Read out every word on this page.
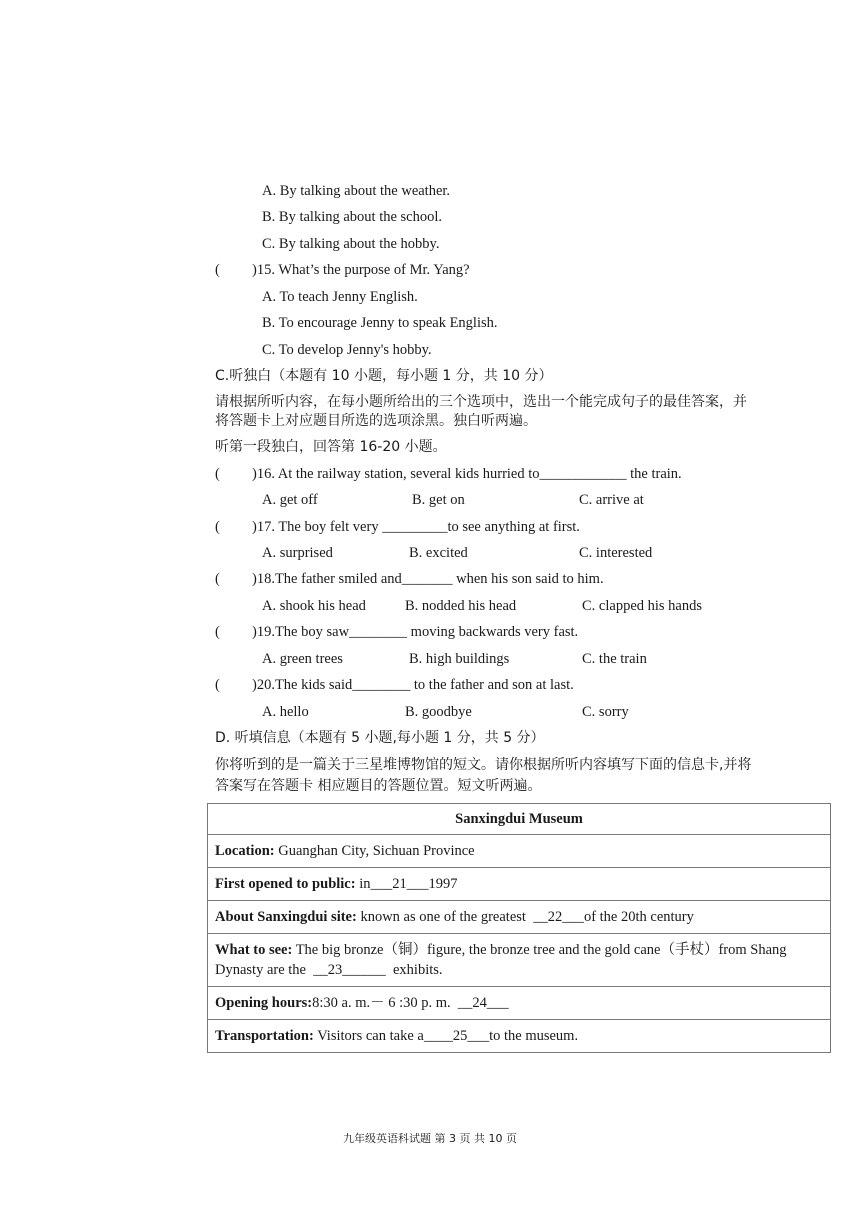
A. By talking about the weather.
B. By talking about the school.
C. By talking about the hobby.
( )15. What’s the purpose of Mr. Yang?
A. To teach Jenny English.
B. To encourage Jenny to speak English.
C. To develop Jenny's hobby.
C.听独白（本题有 10 小题，每小题 1 分，共 10 分）
请根据所听内容，在每小题所给出的三个选项中，选出一个能完成句子的最佳答案，并
将答题卡上对应题目所选的选项涂黑。独白听两遍。
听第一段独白，回答第 16-20 小题。
( )16. At the railway station, several kids hurried to____________ the train.
A. get off	B. get on	C. arrive at
( )17. The boy felt very _________to see anything at first.
A. surprised	B. excited	C. interested
( )18.The father smiled and_______ when his son said to him.
A. shook his head	B. nodded his head	C. clapped his hands
( )19.The boy saw________ moving backwards very fast.
A. green trees	B. high buildings	C. the train
( )20.The kids said________ to the father and son at last.
A. hello	B. goodbye	C. sorry
D. 听填信息（本题有 5 小题,每小题 1 分，共 5 分）
你将听到的是一篇关于三星堆博物馆的短文。请你根据所听内容填写下面的信息卡,并将
答案写在答题卡 相应题目的答题位置。短文听两遍。
Sanxingdui Museum
Location: Guanghan City, Sichuan Province
First opened to public: in___21___1997
About Sanxingdui site: known as one of the greatest  __22___of the 20th century
What to see: The big bronze（铜）figure, the bronze tree and the gold cane（手杖）from Shang
Dynasty are the  __23______  exhibits.
Opening hours:8:30 a. m.－ 6 :30 p. m.  __24___
Transportation: Visitors can take a____25___to the museum.
九年级英语科试题 第 3 页 共 10 页
